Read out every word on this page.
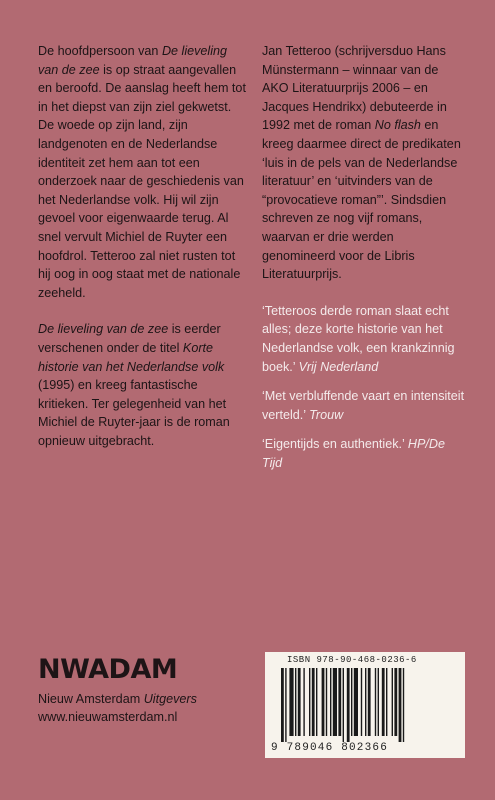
De hoofdpersoon van De lieveling van de zee is op straat aangevallen en beroofd. De aanslag heeft hem tot in het diepst van zijn ziel gekwetst. De woede op zijn land, zijn landgenoten en de Nederlandse identiteit zet hem aan tot een onderzoek naar de geschiedenis van het Nederlandse volk. Hij wil zijn gevoel voor eigenwaarde terug. Al snel vervult Michiel de Ruyter een hoofdrol. Tetteroo zal niet rusten tot hij oog in oog staat met de nationale zeeheld.

De lieveling van de zee is eerder verschenen onder de titel Korte historie van het Nederlandse volk (1995) en kreeg fantastische kritieken. Ter gelegenheid van het Michiel de Ruyter-jaar is de roman opnieuw uitgebracht.

Jan Tetteroo (schrijversduo Hans Münstermann – winnaar van de AKO Literatuurprijs 2006 – en Jacques Hendrikx) debuteerde in 1992 met de roman No flash en kreeg daarmee direct de predikaten ‘luis in de pels van de Nederlandse literatuur’ en ‘uitvinders van de “provocatieve roman”’. Sindsdien schreven ze nog vijf romans, waarvan er drie werden genomineerd voor de Libris Literatuurprijs.

‘Tetteroos derde roman slaat echt alles; deze korte historie van het Nederlandse volk, een krankzinnig boek.’ Vrij Nederland

‘Met verbluffende vaart en intensiteit verteld.’ Trouw

‘Eigentijds en authentiek.’ HP/De Tijd

NWADAM
Nieuw Amsterdam Uitgevers
www.nieuwamsterdam.nl
ISBN 978-90-468-0236-6
9 789046 802366
